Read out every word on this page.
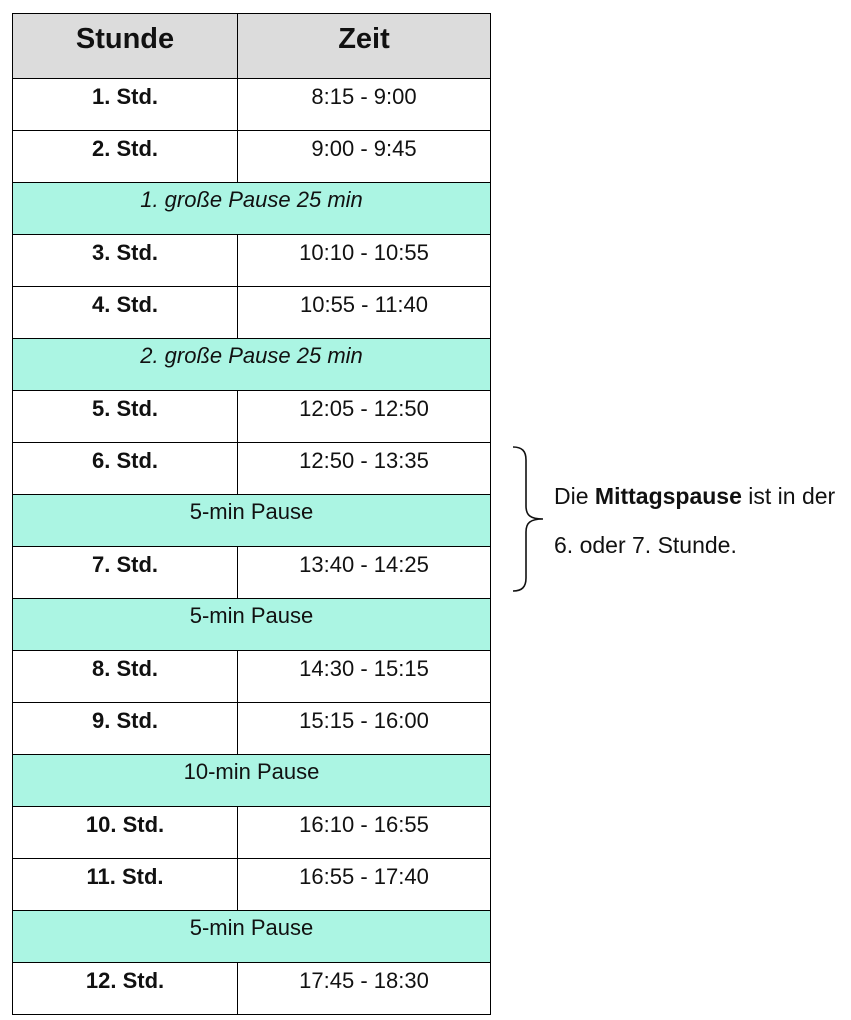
Stunde	Zeit
1. Std.	8:15 - 9:00
2. Std.	9:00 - 9:45
1. große Pause 25 min	
3. Std.	10:10 - 10:55
4. Std.	10:55 - 11:40
2. große Pause 25 min	
5. Std.	12:05 - 12:50
6. Std.	12:50 - 13:35
5-min Pause	
7. Std.	13:40 - 14:25
5-min Pause	
8. Std.	14:30 - 15:15
9. Std.	15:15 - 16:00
10-min Pause	
10. Std.	16:10 - 16:55
11. Std.	16:55 - 17:40
5-min Pause	
12. Std.	17:45 - 18:30
Die Mittagspause ist in der 6. oder 7. Stunde.
